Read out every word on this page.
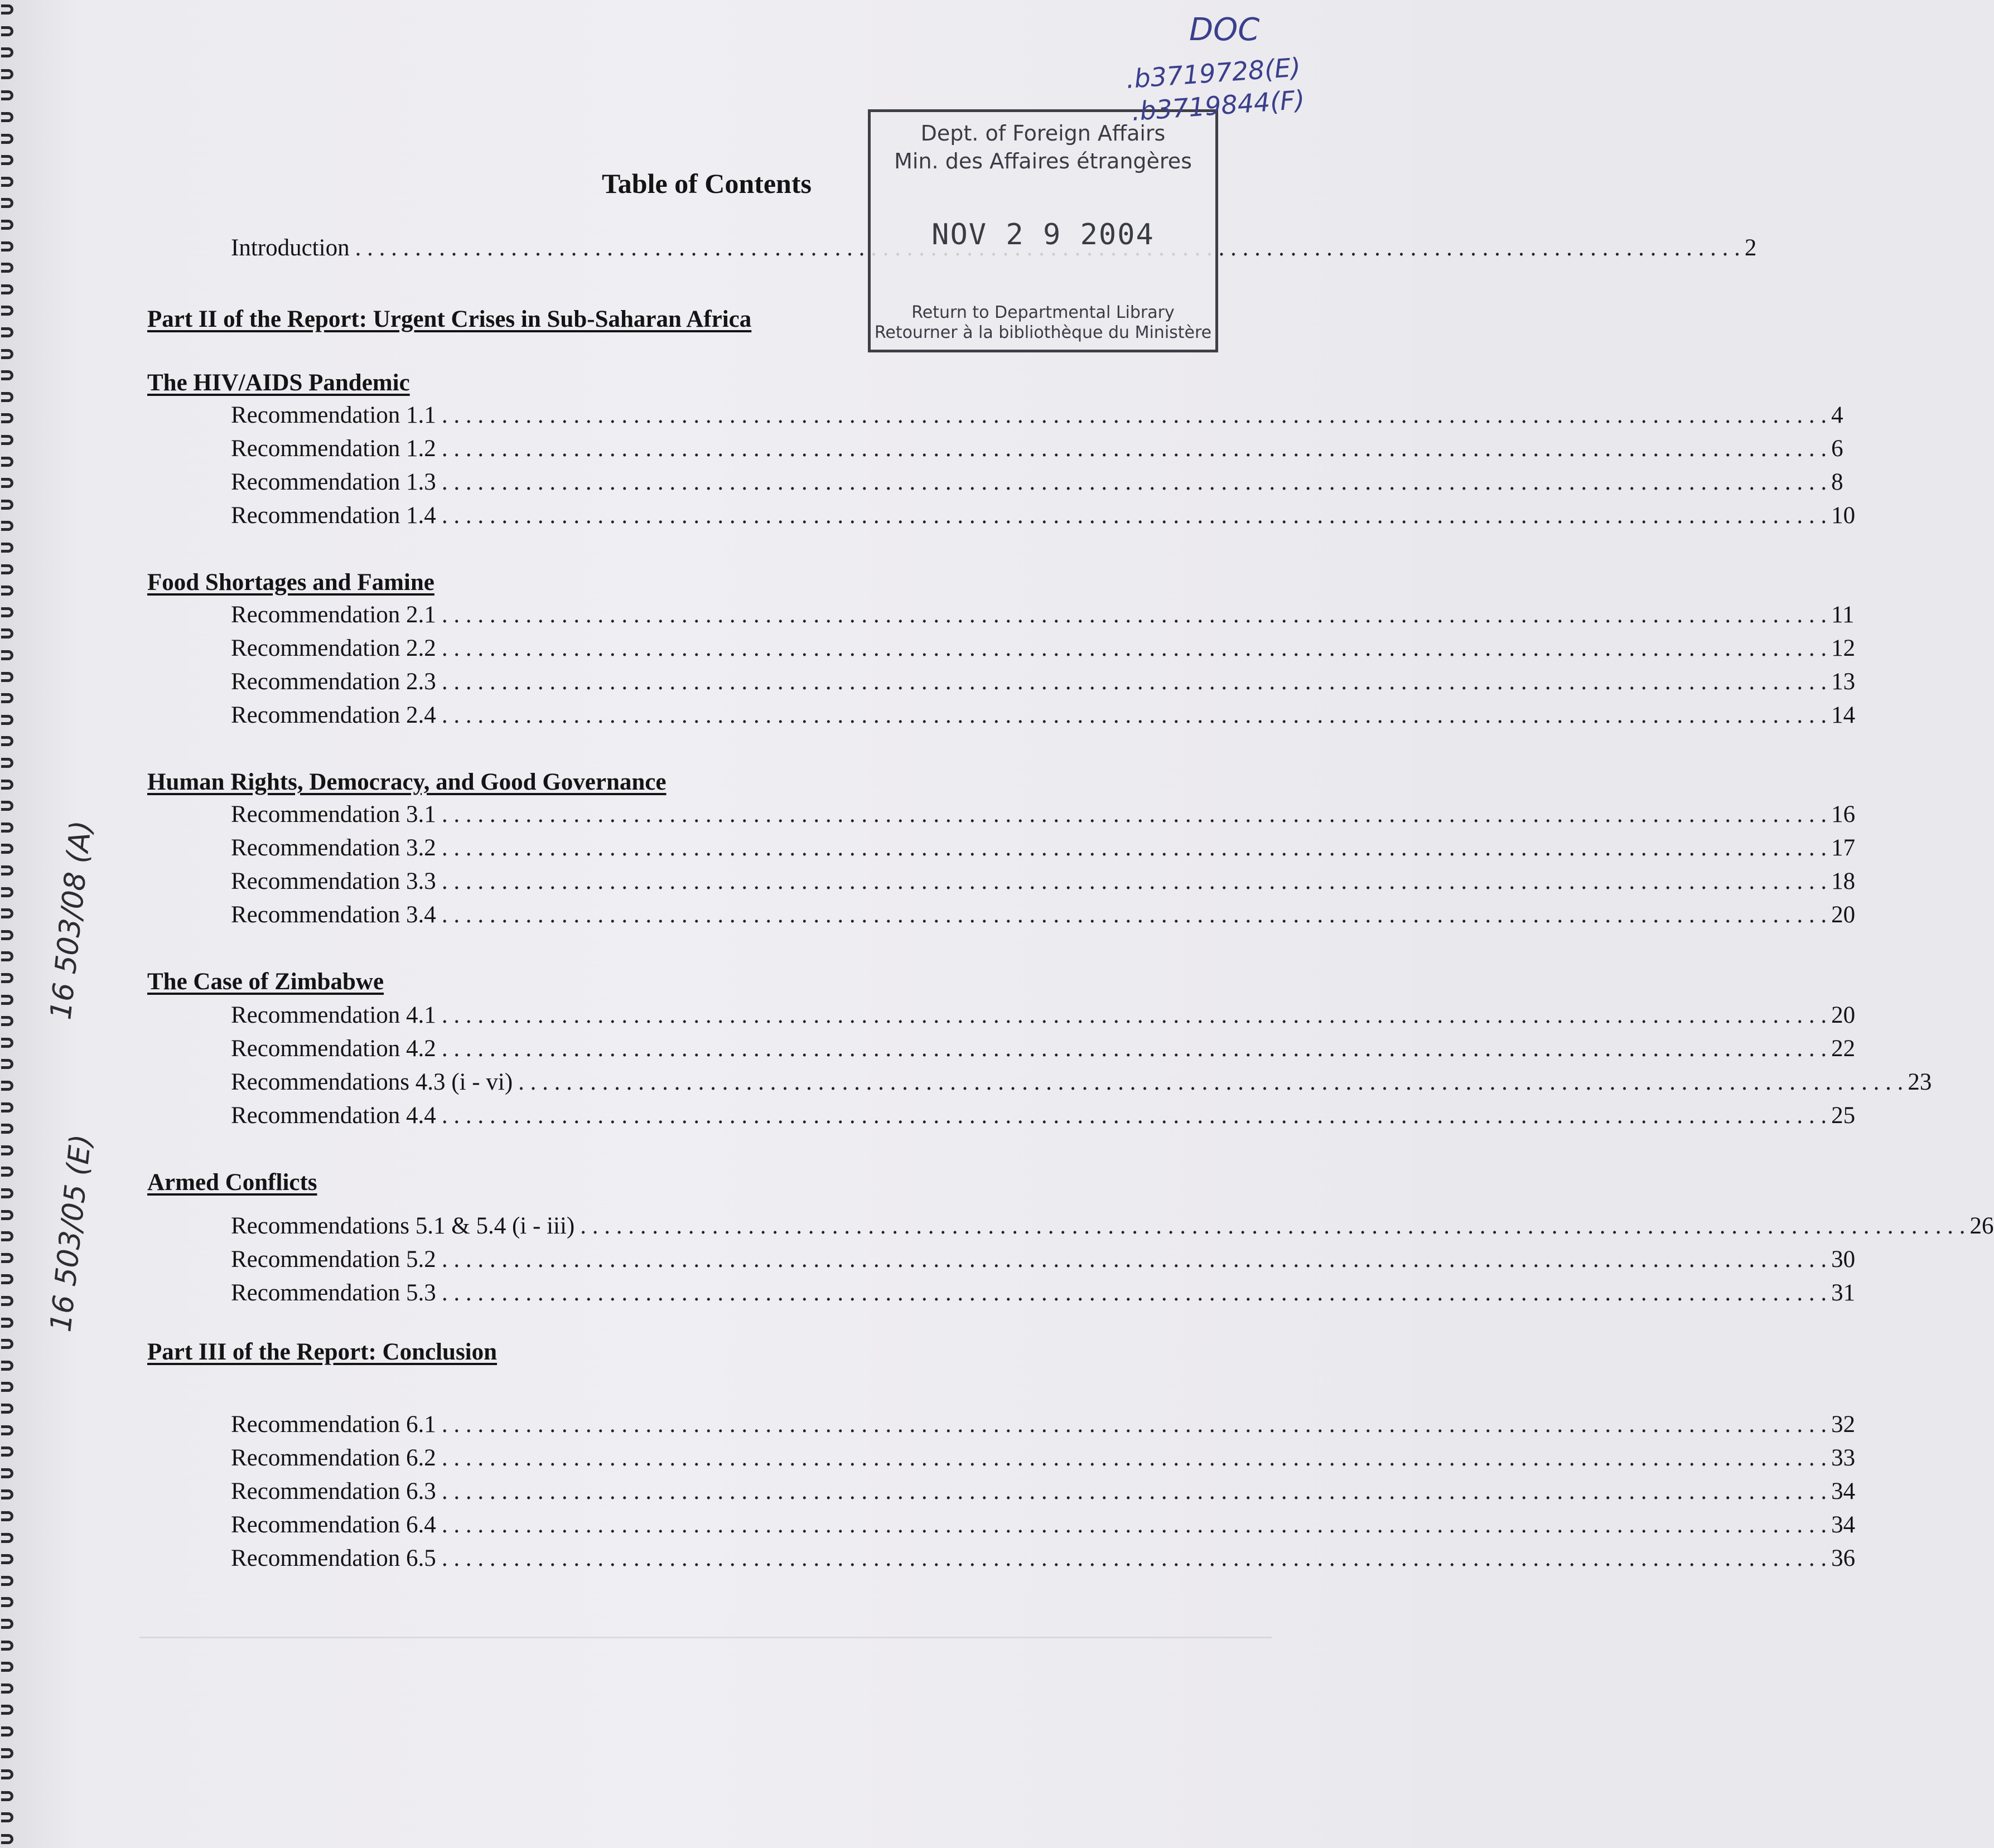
Table of Contents
Introduction . . .	2
Part II of the Report: Urgent Crises in Sub-Saharan Africa
The HIV/AIDS Pandemic
Recommendation 1.1 . . .	4
Recommendation 1.2 . . .	6
Recommendation 1.3 . . .	8
Recommendation 1.4 . . .	10
Food Shortages and Famine
Recommendation 2.1 . . .	11
Recommendation 2.2 . . .	12
Recommendation 2.3 . . .	13
Recommendation 2.4 . . .	14
Human Rights, Democracy, and Good Governance
Recommendation 3.1 . . .	16
Recommendation 3.2 . . .	17
Recommendation 3.3 . . .	18
Recommendation 3.4 . . .	20
The Case of Zimbabwe
Recommendation 4.1 . . .	20
Recommendation 4.2 . . .	22
Recommendations 4.3 (i - vi) . . .	23
Recommendation 4.4 . . .	25
Armed Conflicts
Recommendations 5.1 & 5.4 (i - iii) . . .	26
Recommendation 5.2 . . .	30
Recommendation 5.3 . . .	31
Part III of the Report: Conclusion
Recommendation 6.1 . . .	32
Recommendation 6.2 . . .	33
Recommendation 6.3 . . .	34
Recommendation 6.4 . . .	34
Recommendation 6.5 . . .	36
Dept. of Foreign Affairs
Min. des Affaires étrangères
NOV 2 9 2004
Return to Departmental Library
Retourner à la bibliothèque du Ministère
DOC
.b3719728(E)
.b3719844(F)
16 503/08 (A)
16 503/05 (E)
